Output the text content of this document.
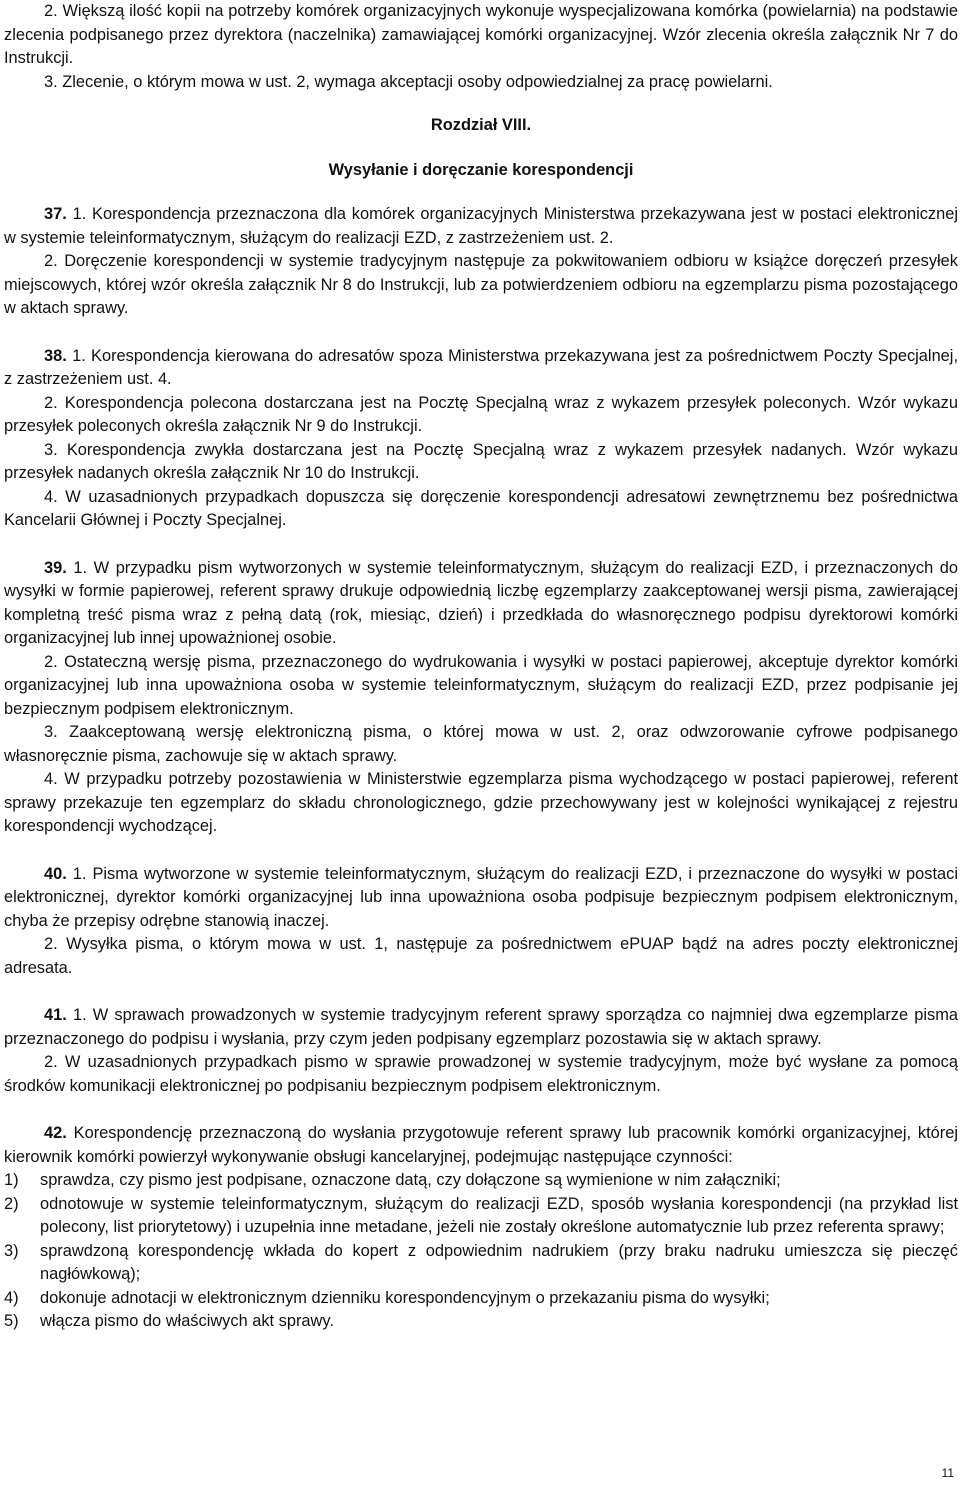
2. Większą ilość kopii na potrzeby komórek organizacyjnych wykonuje wyspecjalizowana komórka (powielarnia) na podstawie zlecenia podpisanego przez dyrektora (naczelnika) zamawiającej komórki organizacyjnej. Wzór zlecenia określa załącznik Nr 7 do Instrukcji.

3. Zlecenie, o którym mowa w ust. 2, wymaga akceptacji osoby odpowiedzialnej za pracę powielarni.

Rozdział VIII.

Wysyłanie i doręczanie korespondencji

37. 1. Korespondencja przeznaczona dla komórek organizacyjnych Ministerstwa przekazywana jest w postaci elektronicznej w systemie teleinformatycznym, służącym do realizacji EZD, z zastrzeżeniem ust. 2.

2. Doręczenie korespondencji w systemie tradycyjnym następuje za pokwitowaniem odbioru w książce doręczeń przesyłek miejscowych, której wzór określa załącznik Nr 8 do Instrukcji, lub za potwierdzeniem odbioru na egzemplarzu pisma pozostającego w aktach sprawy.

38. 1. Korespondencja kierowana do adresatów spoza Ministerstwa przekazywana jest za pośrednictwem Poczty Specjalnej, z zastrzeżeniem ust. 4.

2. Korespondencja polecona dostarczana jest na Pocztę Specjalną wraz z wykazem przesyłek poleconych. Wzór wykazu przesyłek poleconych określa załącznik Nr 9 do Instrukcji.

3. Korespondencja zwykła dostarczana jest na Pocztę Specjalną wraz z wykazem przesyłek nadanych. Wzór wykazu przesyłek nadanych określa załącznik Nr 10 do Instrukcji.

4. W uzasadnionych przypadkach dopuszcza się doręczenie korespondencji adresatowi zewnętrznemu bez pośrednictwa Kancelarii Głównej i Poczty Specjalnej.

39. 1. W przypadku pism wytworzonych w systemie teleinformatycznym, służącym do realizacji EZD, i przeznaczonych do wysyłki w formie papierowej, referent sprawy drukuje odpowiednią liczbę egzemplarzy zaakceptowanej wersji pisma, zawierającej kompletną treść pisma wraz z pełną datą (rok, miesiąc, dzień) i przedkłada do własnoręcznego podpisu dyrektorowi komórki organizacyjnej lub innej upoważnionej osobie.

2. Ostateczną wersję pisma, przeznaczonego do wydrukowania i wysyłki w postaci papierowej, akceptuje dyrektor komórki organizacyjnej lub inna upoważniona osoba w systemie teleinformatycznym, służącym do realizacji EZD, przez podpisanie jej bezpiecznym podpisem elektronicznym.

3. Zaakceptowaną wersję elektroniczną pisma, o której mowa w ust. 2, oraz odwzorowanie cyfrowe podpisanego własnoręcznie pisma, zachowuje się w aktach sprawy.

4. W przypadku potrzeby pozostawienia w Ministerstwie egzemplarza pisma wychodzącego w postaci papierowej, referent sprawy przekazuje ten egzemplarz do składu chronologicznego, gdzie przechowywany jest w kolejności wynikającej z rejestru korespondencji wychodzącej.

40. 1. Pisma wytworzone w systemie teleinformatycznym, służącym do realizacji EZD, i przeznaczone do wysyłki w postaci elektronicznej, dyrektor komórki organizacyjnej lub inna upoważniona osoba podpisuje bezpiecznym podpisem elektronicznym, chyba że przepisy odrębne stanowią inaczej.

2. Wysyłka pisma, o którym mowa w ust. 1, następuje za pośrednictwem ePUAP bądź na adres poczty elektronicznej adresata.

41. 1. W sprawach prowadzonych w systemie tradycyjnym referent sprawy sporządza co najmniej dwa egzemplarze pisma przeznaczonego do podpisu i wysłania, przy czym jeden podpisany egzemplarz pozostawia się w aktach sprawy.

2. W uzasadnionych przypadkach pismo w sprawie prowadzonej w systemie tradycyjnym, może być wysłane za pomocą środków komunikacji elektronicznej po podpisaniu bezpiecznym podpisem elektronicznym.

42. Korespondencję przeznaczoną do wysłania przygotowuje referent sprawy lub pracownik komórki organizacyjnej, której kierownik komórki powierzył wykonywanie obsługi kancelaryjnej, podejmując następujące czynności:

1)	sprawdza, czy pismo jest podpisane, oznaczone datą, czy dołączone są wymienione w nim załączniki;
2)	odnotowuje w systemie teleinformatycznym, służącym do realizacji EZD, sposób wysłania korespondencji (na przykład list polecony, list priorytetowy) i uzupełnia inne metadane, jeżeli nie zostały określone automatycznie lub przez referenta sprawy;
3)	sprawdzoną korespondencję wkłada do kopert z odpowiednim nadrukiem (przy braku nadruku umieszcza się pieczęć nagłówkową);
4)	dokonuje adnotacji w elektronicznym dzienniku korespondencyjnym o przekazaniu pisma do wysyłki;
5)	włącza pismo do właściwych akt sprawy.
11
